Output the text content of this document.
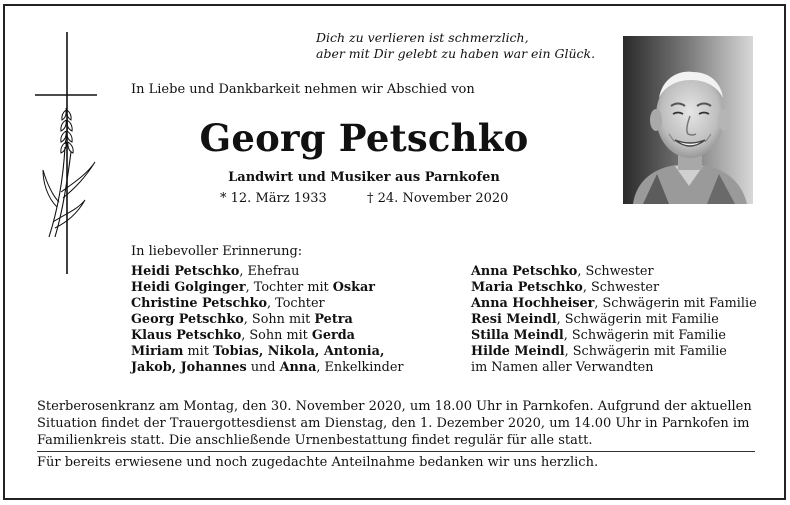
Dich zu verlieren ist schmerzlich,
aber mit Dir gelebt zu haben war ein Glück.
In Liebe und Dankbarkeit nehmen wir Abschied von
Georg Petschko
Landwirt und Musiker aus Parnkofen
* 12. März 1933	† 24. November 2020
In liebevoller Erinnerung:
Heidi Petschko, Ehefrau
Heidi Golginger, Tochter mit Oskar
Christine Petschko, Tochter
Georg Petschko, Sohn mit Petra
Klaus Petschko, Sohn mit Gerda
Miriam mit Tobias, Nikola, Antonia,
Jakob, Johannes und Anna, Enkelkinder
Anna Petschko, Schwester
Maria Petschko, Schwester
Anna Hochheiser, Schwägerin mit Familie
Resi Meindl, Schwägerin mit Familie
Stilla Meindl, Schwägerin mit Familie
Hilde Meindl, Schwägerin mit Familie
im Namen aller Verwandten
Sterberosenkranz am Montag, den 30. November 2020, um 18.00 Uhr in Parnkofen. Aufgrund der aktuellen
Situation findet der Trauergottesdienst am Dienstag, den 1. Dezember 2020, um 14.00 Uhr in Parnkofen im
Familienkreis statt. Die anschließende Urnenbestattung findet regulär für alle statt.
Für bereits erwiesene und noch zugedachte Anteilnahme bedanken wir uns herzlich.
